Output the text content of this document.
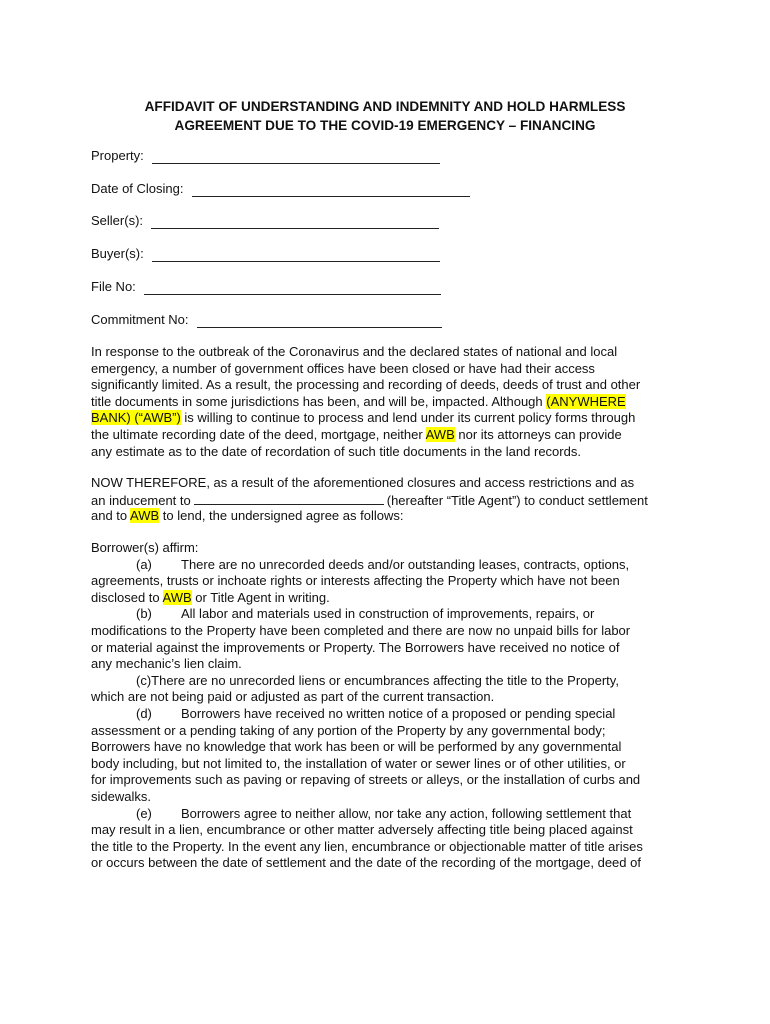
AFFIDAVIT OF UNDERSTANDING AND INDEMNITY AND HOLD HARMLESS
AGREEMENT DUE TO THE COVID-19 EMERGENCY – FINANCING
Property:
Date of Closing:
Seller(s):
Buyer(s):
File No:
Commitment No:
In response to the outbreak of the Coronavirus and the declared states of national and local
emergency, a number of government offices have been closed or have had their access
significantly limited. As a result, the processing and recording of deeds, deeds of trust and other
title documents in some jurisdictions has been, and will be, impacted. Although (ANYWHERE
BANK) (“AWB”) is willing to continue to process and lend under its current policy forms through
the ultimate recording date of the deed, mortgage, neither AWB nor its attorneys can provide
any estimate as to the date of recordation of such title documents in the land records.
NOW THEREFORE, as a result of the aforementioned closures and access restrictions and as
an inducement to	(hereafter “Title Agent”) to conduct settlement
and to AWB to lend, the undersigned agree as follows:
Borrower(s) affirm:
(a) There are no unrecorded deeds and/or outstanding leases, contracts, options,
agreements, trusts or inchoate rights or interests affecting the Property which have not been
disclosed to AWB or Title Agent in writing.
(b) All labor and materials used in construction of improvements, repairs, or
modifications to the Property have been completed and there are now no unpaid bills for labor
or material against the improvements or Property. The Borrowers have received no notice of
any mechanic’s lien claim.
(c)There are no unrecorded liens or encumbrances affecting the title to the Property,
which are not being paid or adjusted as part of the current transaction.
(d) Borrowers have received no written notice of a proposed or pending special
assessment or a pending taking of any portion of the Property by any governmental body;
Borrowers have no knowledge that work has been or will be performed by any governmental
body including, but not limited to, the installation of water or sewer lines or of other utilities, or
for improvements such as paving or repaving of streets or alleys, or the installation of curbs and
sidewalks.
(e) Borrowers agree to neither allow, nor take any action, following settlement that
may result in a lien, encumbrance or other matter adversely affecting title being placed against
the title to the Property. In the event any lien, encumbrance or objectionable matter of title arises
or occurs between the date of settlement and the date of the recording of the mortgage, deed of
